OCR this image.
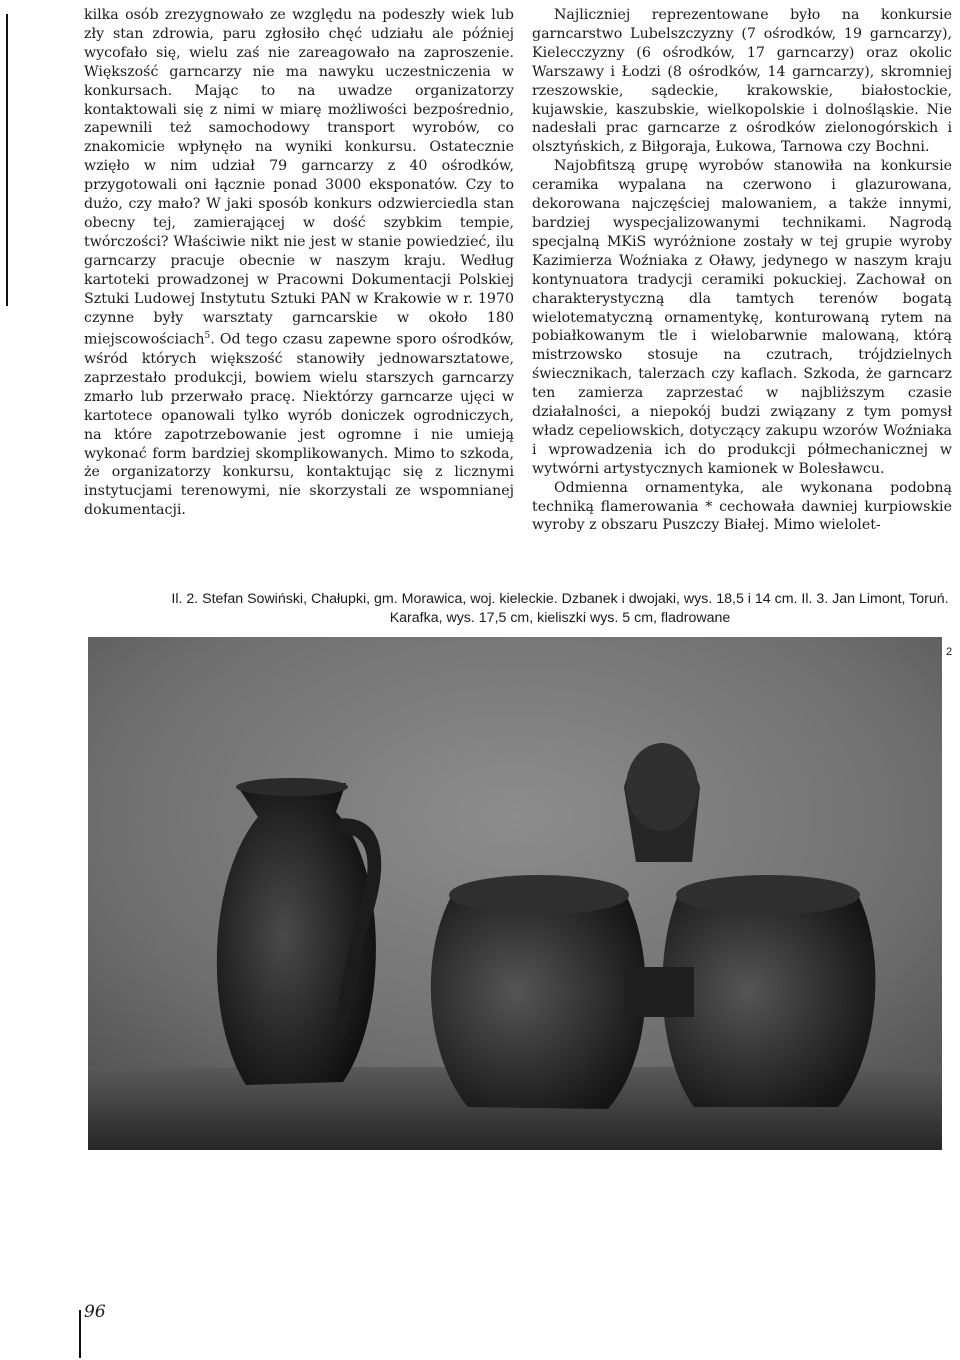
kilka osób zrezygnowało ze względu na podeszły wiek lub zły stan zdrowia, paru zgłosiło chęć udziału ale później wycofało się, wielu zaś nie zareagowało na zaproszenie. Większość garncarzy nie ma nawyku uczestniczenia w konkursach. Mając to na uwadze organizatorzy kontaktowali się z nimi w miarę możliwości bezpośrednio, zapewnili też samochodowy transport wyrobów, co znakomicie wpłynęło na wyniki konkursu. Ostatecznie wzięło w nim udział 79 garncarzy z 40 ośrodków, przygotowali oni łącznie ponad 3000 eksponatów. Czy to dużo, czy mało? W jaki sposób konkurs odzwierciedla stan obecny tej, zamierającej w dość szybkim tempie, twórczości? Właściwie nikt nie jest w stanie powiedzieć, ilu garncarzy pracuje obecnie w naszym kraju. Według kartoteki prowadzonej w Pracowni Dokumentacji Polskiej Sztuki Ludowej Instytutu Sztuki PAN w Krakowie w r. 1970 czynne były warsztaty garncarskie w około 180 miejscowościach$^5$. Od tego czasu zapewne sporo ośrodków, wśród których większość stanowiły jednowarsztatowe, zaprzestało produkcji, bowiem wielu starszych garncarzy zmarło lub przerwało pracę. Niektórzy garncarze ujęci w kartotece opanowali tylko wyrób doniczek ogrodniczych, na które zapotrzebowanie jest ogromne i nie umieją wykonać form bardziej skomplikowanych. Mimo to szkoda, że organizatorzy konkursu, kontaktując się z licznymi instytucjami terenowymi, nie skorzystali ze wspomnianej dokumentacji.

Najliczniej reprezentowane było na konkursie garncarstwo Lubelszczyzny (7 ośrodków, 19 garncarzy), Kielecczyzny (6 ośrodków, 17 garncarzy) oraz okolic Warszawy i Łodzi (8 ośrodków, 14 garncarzy), skromniej rzeszowskie, sądeckie, krakowskie, białostockie, kujawskie, kaszubskie, wielkopolskie i dolnośląskie. Nie nadesłali prac garncarze z ośrodków zielonogórskich i olsztyńskich, z Biłgoraja, Łukowa, Tarnowa czy Bochni.

Najobfitszą grupę wyrobów stanowiła na konkursie ceramika wypalana na czerwono i glazurowana, dekorowana najczęściej malowaniem, a także innymi, bardziej wyspecjalizowanymi technikami. Nagrodą specjalną MKiS wyróżnione zostały w tej grupie wyroby Kazimierza Woźniaka z Oławy, jedynego w naszym kraju kontynuatora tradycji ceramiki pokuckiej. Zachował on charakterystyczną dla tamtych terenów bogatą wielotematyczną ornamentykę, konturowaną rytem na pobiałkowanym tle i wielobarwnie malowaną, którą mistrzowsko stosuje na czutrach, trójdzielnych świecznikach, talerzach czy kaflach. Szkoda, że garncarz ten zamierza zaprzestać w najbliższym czasie działalności, a niepokój budzi związany z tym pomysł władz cepeliowskich, dotyczący zakupu wzorów Woźniaka i wprowadzenia ich do produkcji półmechanicznej w wytwórni artystycznych kamionek w Bolesławcu.

Odmienna ornamentyka, ale wykonana podobną techniką flamerowania * cechowała dawniej kurpiowskie wyroby z obszaru Puszczy Białej. Mimo wielolet-

Il. 2. Stefan Sowiński, Chałupki, gm. Morawica, woj. kieleckie. Dzbanek i dwojaki, wys. 18,5 i 14 cm. Il. 3. Jan Limont, Toruń. Karafka, wys. 17,5 cm, kieliszki wys. 5 cm, fladrowane
2
96
